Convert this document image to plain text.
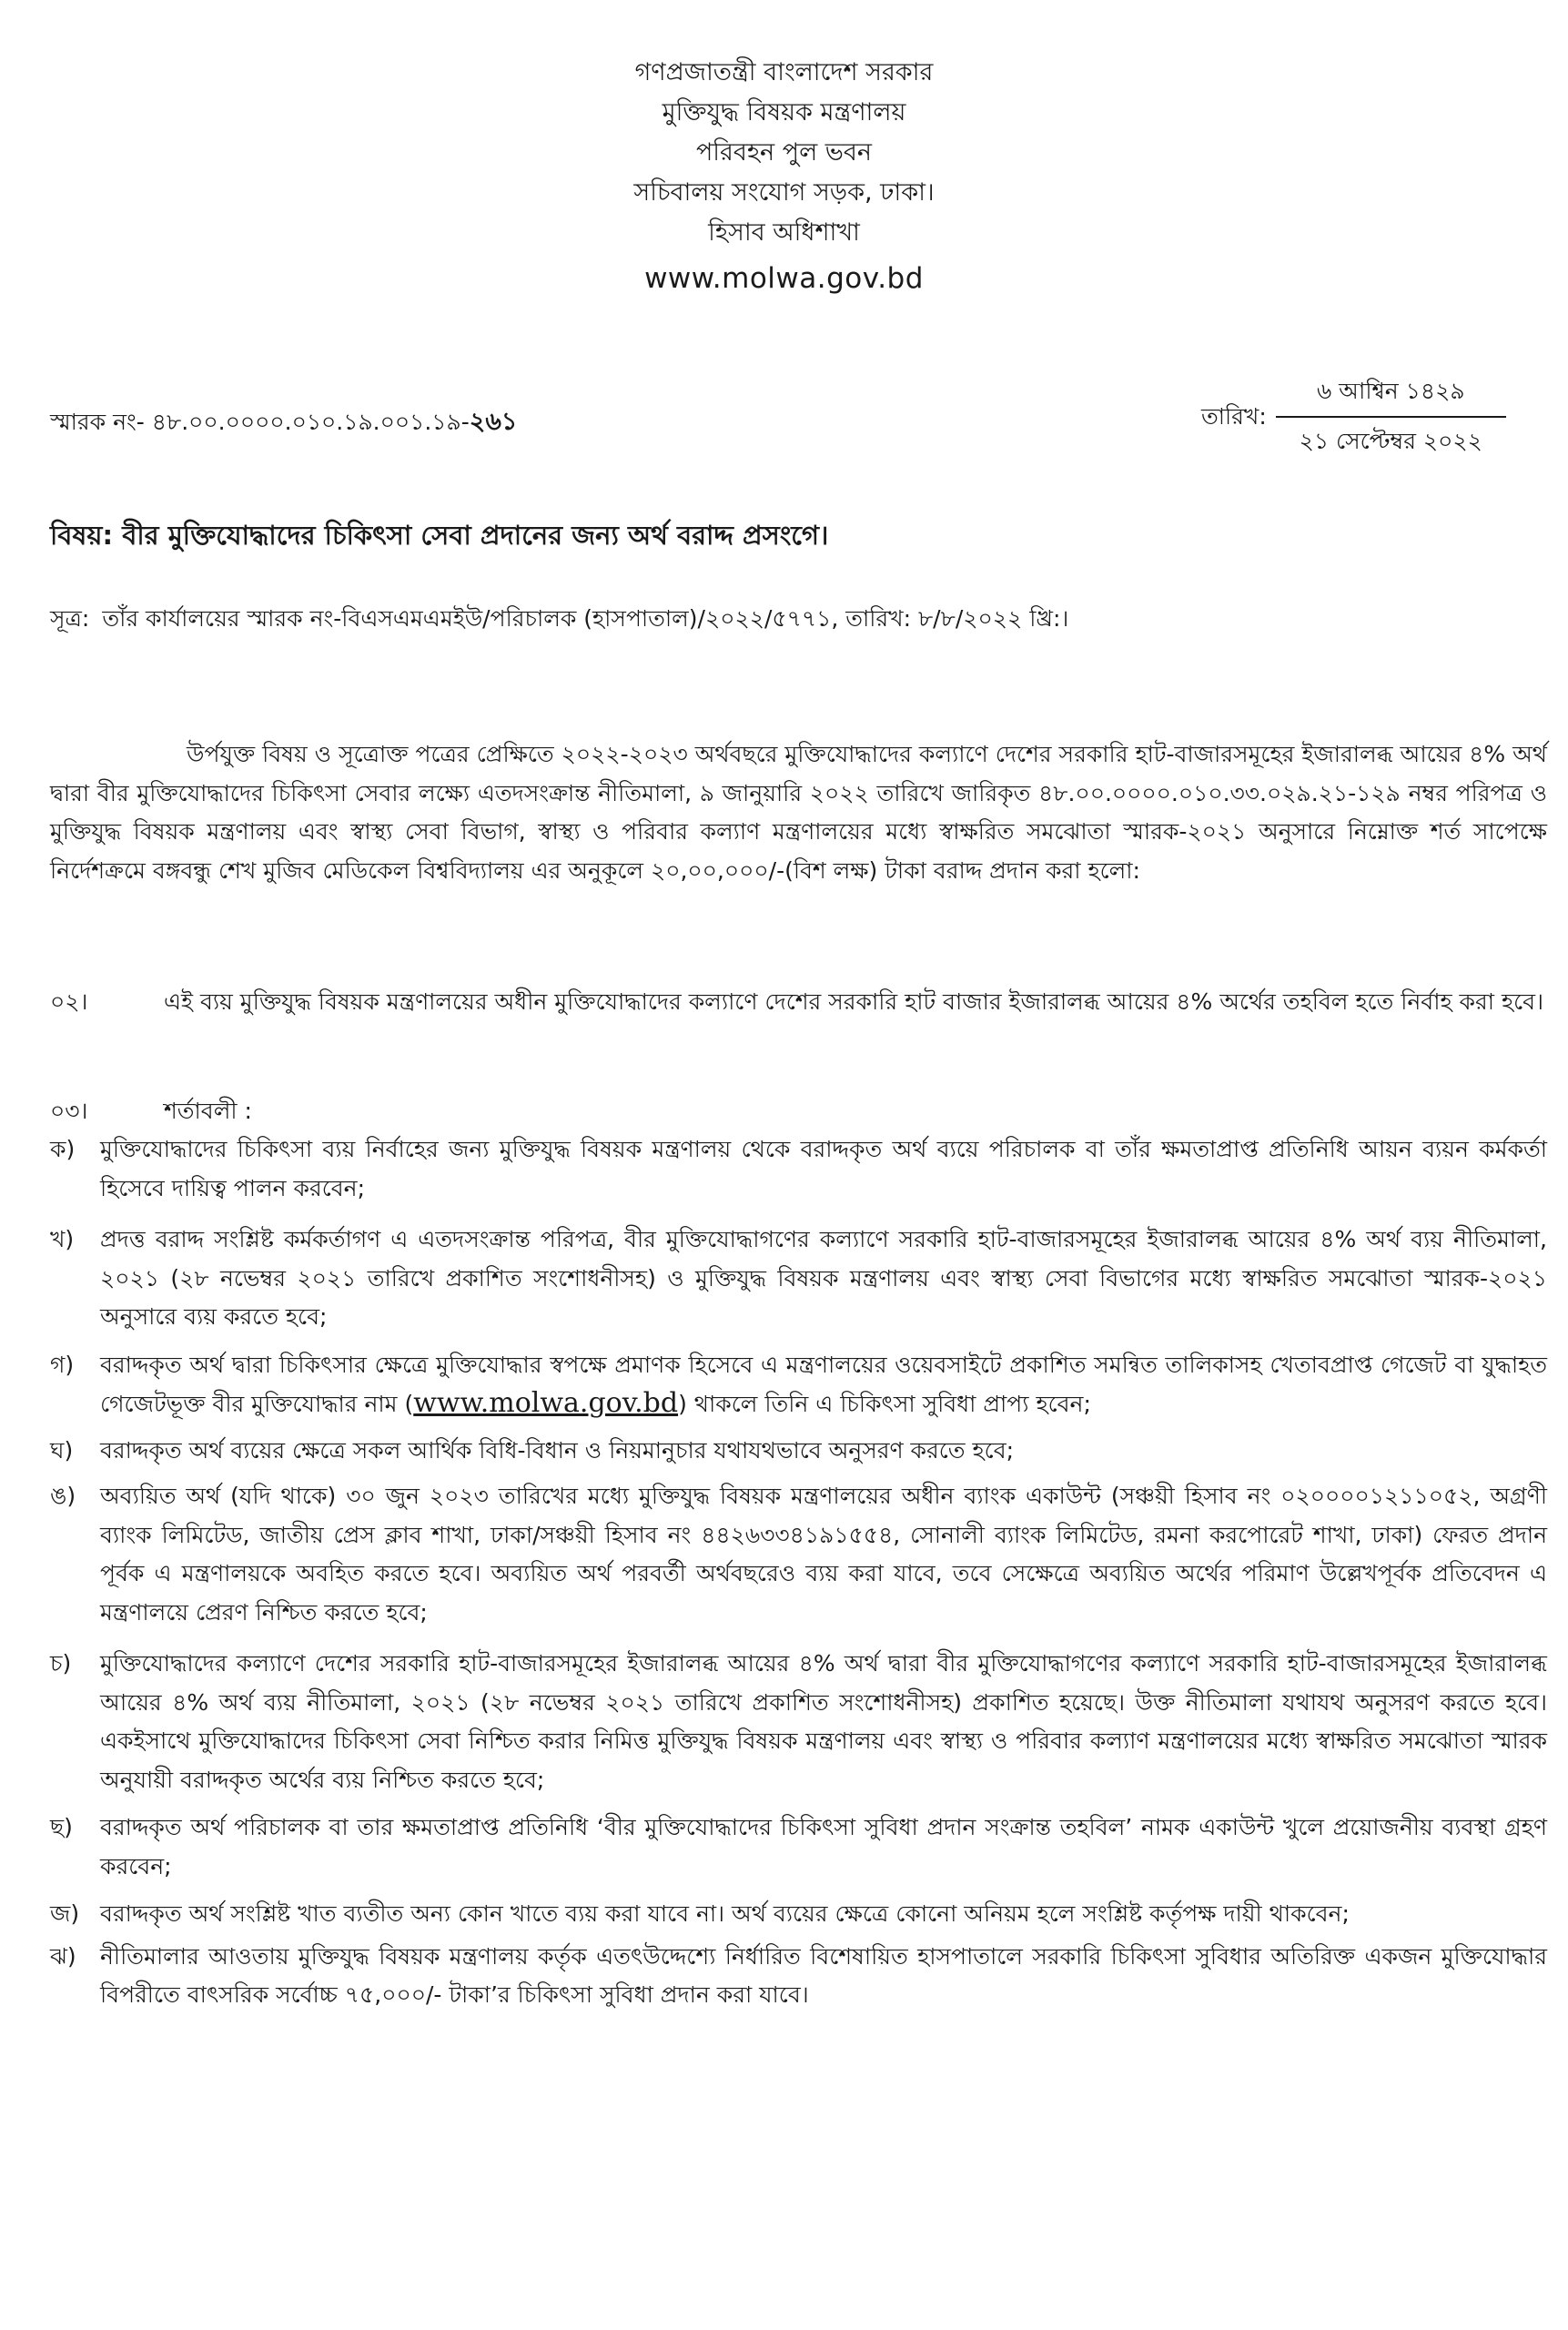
গণপ্রজাতন্ত্রী বাংলাদেশ সরকার
মুক্তিযুদ্ধ বিষয়ক মন্ত্রণালয়
পরিবহন পুল ভবন
সচিবালয় সংযোগ সড়ক, ঢাকা।
হিসাব অধিশাখা
www.molwa.gov.bd
স্মারক নং- ৪৮.০০.০০০০.০১০.১৯.০০১.১৯-২৬১	তারিখ: $\frac{\text{৬ আশ্বিন ১৪২৯}}{\text{২১ সেপ্টেম্বর ২০২২}}$
বিষয়: বীর মুক্তিযোদ্ধাদের চিকিৎসা সেবা প্রদানের জন্য অর্থ বরাদ্দ প্রসংগে।
সূত্র: তাঁর কার্যালয়ের স্মারক নং-বিএসএমএমইউ/পরিচালক (হাসপাতাল)/২০২২/৫৭৭১, তারিখ: ৮/৮/২০২২ খ্রি:।
উর্পযুক্ত বিষয় ও সূত্রোক্ত পত্রের প্রেক্ষিতে ২০২২-২০২৩ অর্থবছরে মুক্তিযোদ্ধাদের কল্যাণে দেশের সরকারি হাট-বাজারসমূহের ইজারালব্ধ আয়ের ৪% অর্থ দ্বারা বীর মুক্তিযোদ্ধাদের চিকিৎসা সেবার লক্ষ্যে এতদসংক্রান্ত নীতিমালা, ৯ জানুয়ারি ২০২২ তারিখে জারিকৃত ৪৮.০০.০০০০.০১০.৩৩.০২৯.২১-১২৯ নম্বর পরিপত্র ও মুক্তিযুদ্ধ বিষয়ক মন্ত্রণালয় এবং স্বাস্থ্য সেবা বিভাগ, স্বাস্থ্য ও পরিবার কল্যাণ মন্ত্রণালয়ের মধ্যে স্বাক্ষরিত সমঝোতা স্মারক-২০২১ অনুসারে নিম্নোক্ত শর্ত সাপেক্ষে নির্দেশক্রমে বঙ্গবন্ধু শেখ মুজিব মেডিকেল বিশ্ববিদ্যালয় এর অনুকূলে ২০,০০,০০০/-(বিশ লক্ষ) টাকা বরাদ্দ প্রদান করা হলো:
০২।	এই ব্যয় মুক্তিযুদ্ধ বিষয়ক মন্ত্রণালয়ের অধীন মুক্তিযোদ্ধাদের কল্যাণে দেশের সরকারি হাট বাজার ইজারালব্ধ আয়ের ৪% অর্থের তহবিল হতে নির্বাহ করা হবে।
০৩।	শর্তাবলী :
ক) মুক্তিযোদ্ধাদের চিকিৎসা ব্যয় নির্বাহের জন্য মুক্তিযুদ্ধ বিষয়ক মন্ত্রণালয় থেকে বরাদ্দকৃত অর্থ ব্যয়ে পরিচালক বা তাঁর ক্ষমতাপ্রাপ্ত প্রতিনিধি আয়ন ব্যয়ন কর্মকর্তা হিসেবে দায়িত্ব পালন করবেন;
খ) প্রদত্ত বরাদ্দ সংশ্লিষ্ট কর্মকর্তাগণ এ এতদসংক্রান্ত পরিপত্র, বীর মুক্তিযোদ্ধাগণের কল্যাণে সরকারি হাট-বাজারসমূহের ইজারালব্ধ আয়ের ৪% অর্থ ব্যয় নীতিমালা, ২০২১ (২৮ নভেম্বর ২০২১ তারিখে প্রকাশিত সংশোধনীসহ) ও মুক্তিযুদ্ধ বিষয়ক মন্ত্রণালয় এবং স্বাস্থ্য সেবা বিভাগের মধ্যে স্বাক্ষরিত সমঝোতা স্মারক-২০২১ অনুসারে ব্যয় করতে হবে;
গ) বরাদ্দকৃত অর্থ দ্বারা চিকিৎসার ক্ষেত্রে মুক্তিযোদ্ধার স্বপক্ষে প্রমাণক হিসেবে এ মন্ত্রণালয়ের ওয়েবসাইটে প্রকাশিত সমন্বিত তালিকাসহ খেতাবপ্রাপ্ত গেজেট বা যুদ্ধাহত গেজেটভূক্ত বীর মুক্তিযোদ্ধার নাম (www.molwa.gov.bd) থাকলে তিনি এ চিকিৎসা সুবিধা প্রাপ্য হবেন;
ঘ) বরাদ্দকৃত অর্থ ব্যয়ের ক্ষেত্রে সকল আর্থিক বিধি-বিধান ও নিয়মানুচার যথাযথভাবে অনুসরণ করতে হবে;
ঙ) অব্যয়িত অর্থ (যদি থাকে) ৩০ জুন ২০২৩ তারিখের মধ্যে মুক্তিযুদ্ধ বিষয়ক মন্ত্রণালয়ের অধীন ব্যাংক একাউন্ট (সঞ্চয়ী হিসাব নং ০২০০০০১২১১০৫২, অগ্রণী ব্যাংক লিমিটেড, জাতীয় প্রেস ক্লাব শাখা, ঢাকা/সঞ্চয়ী হিসাব নং ৪৪২৬৩৩৪১৯১৫৫৪, সোনালী ব্যাংক লিমিটেড, রমনা করপোরেট শাখা, ঢাকা) ফেরত প্রদান পূর্বক এ মন্ত্রণালয়কে অবহিত করতে হবে। অব্যয়িত অর্থ পরবর্তী অর্থবছরেও ব্যয় করা যাবে, তবে সেক্ষেত্রে অব্যয়িত অর্থের পরিমাণ উল্লেখপূর্বক প্রতিবেদন এ মন্ত্রণালয়ে প্রেরণ নিশ্চিত করতে হবে;
চ) মুক্তিযোদ্ধাদের কল্যাণে দেশের সরকারি হাট-বাজারসমূহের ইজারালব্ধ আয়ের ৪% অর্থ দ্বারা বীর মুক্তিযোদ্ধাগণের কল্যাণে সরকারি হাট-বাজারসমূহের ইজারালব্ধ আয়ের ৪% অর্থ ব্যয় নীতিমালা, ২০২১ (২৮ নভেম্বর ২০২১ তারিখে প্রকাশিত সংশোধনীসহ) প্রকাশিত হয়েছে। উক্ত নীতিমালা যথাযথ অনুসরণ করতে হবে। একইসাথে মুক্তিযোদ্ধাদের চিকিৎসা সেবা নিশ্চিত করার নিমিত্ত মুক্তিযুদ্ধ বিষয়ক মন্ত্রণালয় এবং স্বাস্থ্য ও পরিবার কল্যাণ মন্ত্রণালয়ের মধ্যে স্বাক্ষরিত সমঝোতা স্মারক অনুযায়ী বরাদ্দকৃত অর্থের ব্যয় নিশ্চিত করতে হবে;
ছ) বরাদ্দকৃত অর্থ পরিচালক বা তার ক্ষমতাপ্রাপ্ত প্রতিনিধি ‘বীর মুক্তিযোদ্ধাদের চিকিৎসা সুবিধা প্রদান সংক্রান্ত তহবিল’ নামক একাউন্ট খুলে প্রয়োজনীয় ব্যবস্থা গ্রহণ করবেন;
জ) বরাদ্দকৃত অর্থ সংশ্লিষ্ট খাত ব্যতীত অন্য কোন খাতে ব্যয় করা যাবে না। অর্থ ব্যয়ের ক্ষেত্রে কোনো অনিয়ম হলে সংশ্লিষ্ট কর্তৃপক্ষ দায়ী থাকবেন;
ঝ) নীতিমালার আওতায় মুক্তিযুদ্ধ বিষয়ক মন্ত্রণালয় কর্তৃক এতৎউদ্দেশ্যে নির্ধারিত বিশেষায়িত হাসপাতালে সরকারি চিকিৎসা সুবিধার অতিরিক্ত একজন মুক্তিযোদ্ধার বিপরীতে বাৎসরিক সর্বোচ্চ ৭৫,০০০/- টাকা’র চিকিৎসা সুবিধা প্রদান করা যাবে।
